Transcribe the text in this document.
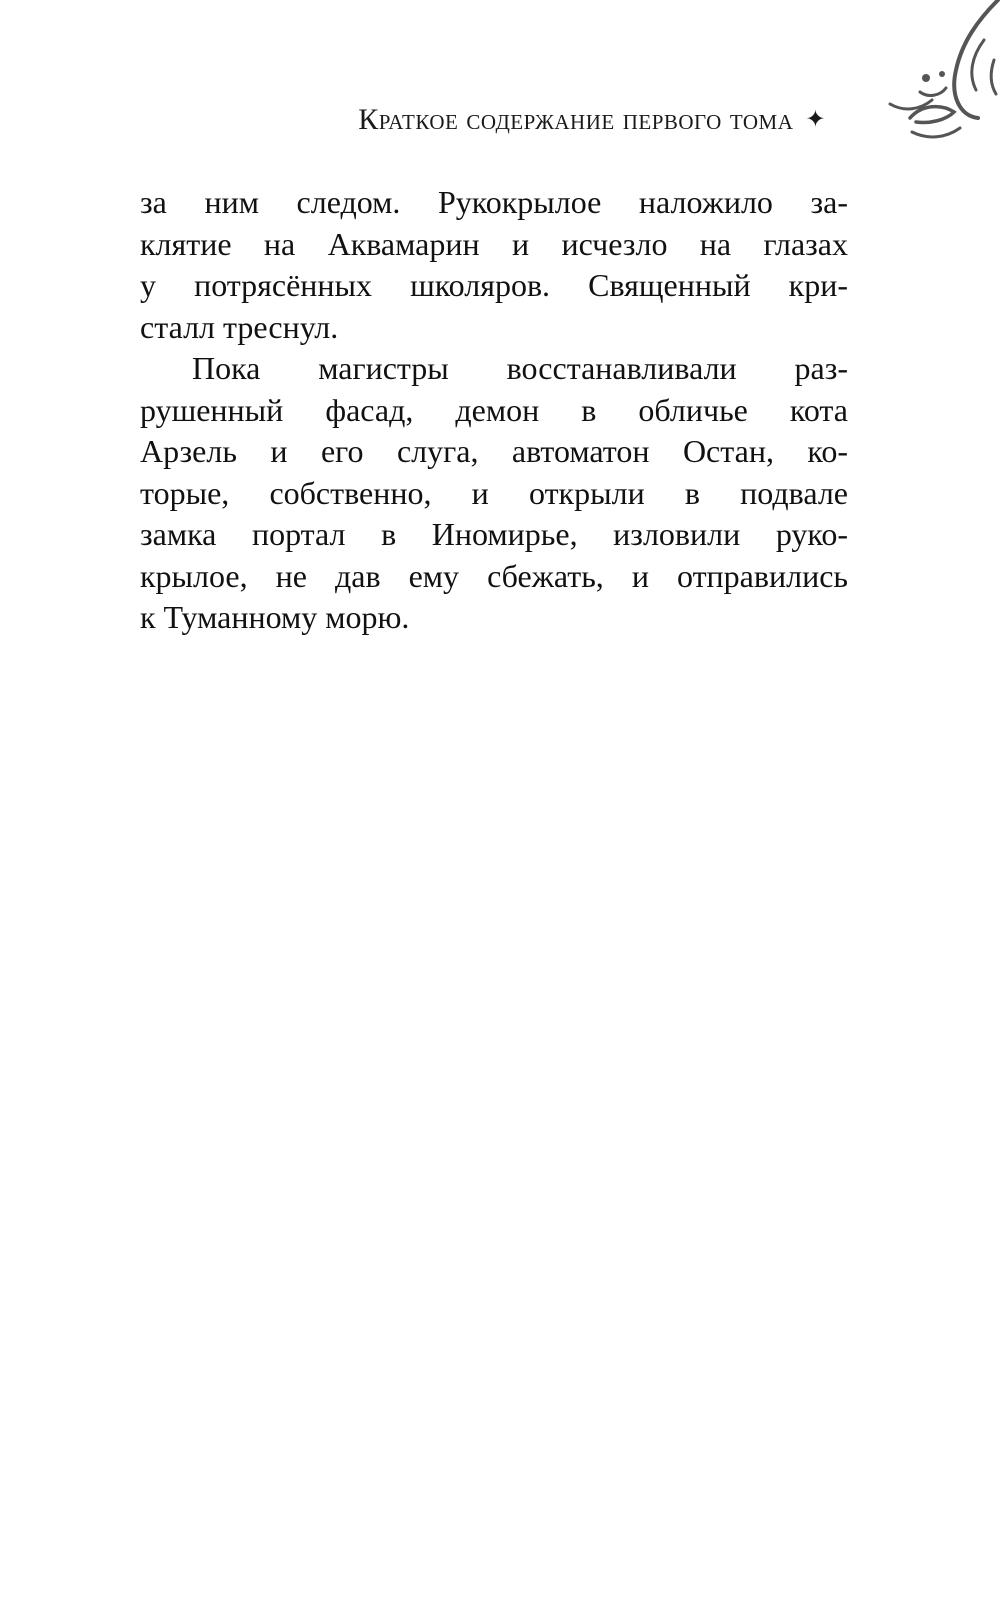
Краткое содержание первого тома ✦
за ним следом. Рукокрылое наложило за-
клятие на Аквамарин и исчезло на глазах
у потрясённых школяров. Священный кри-
сталл треснул.
Пока магистры восстанавливали раз-
рушенный фасад, демон в обличье кота
Арзель и его слуга, автоматон Остан, ко-
торые, собственно, и открыли в подвале
замка портал в Иномирье, изловили руко-
крылое, не дав ему сбежать, и отправились
к Туманному морю.
